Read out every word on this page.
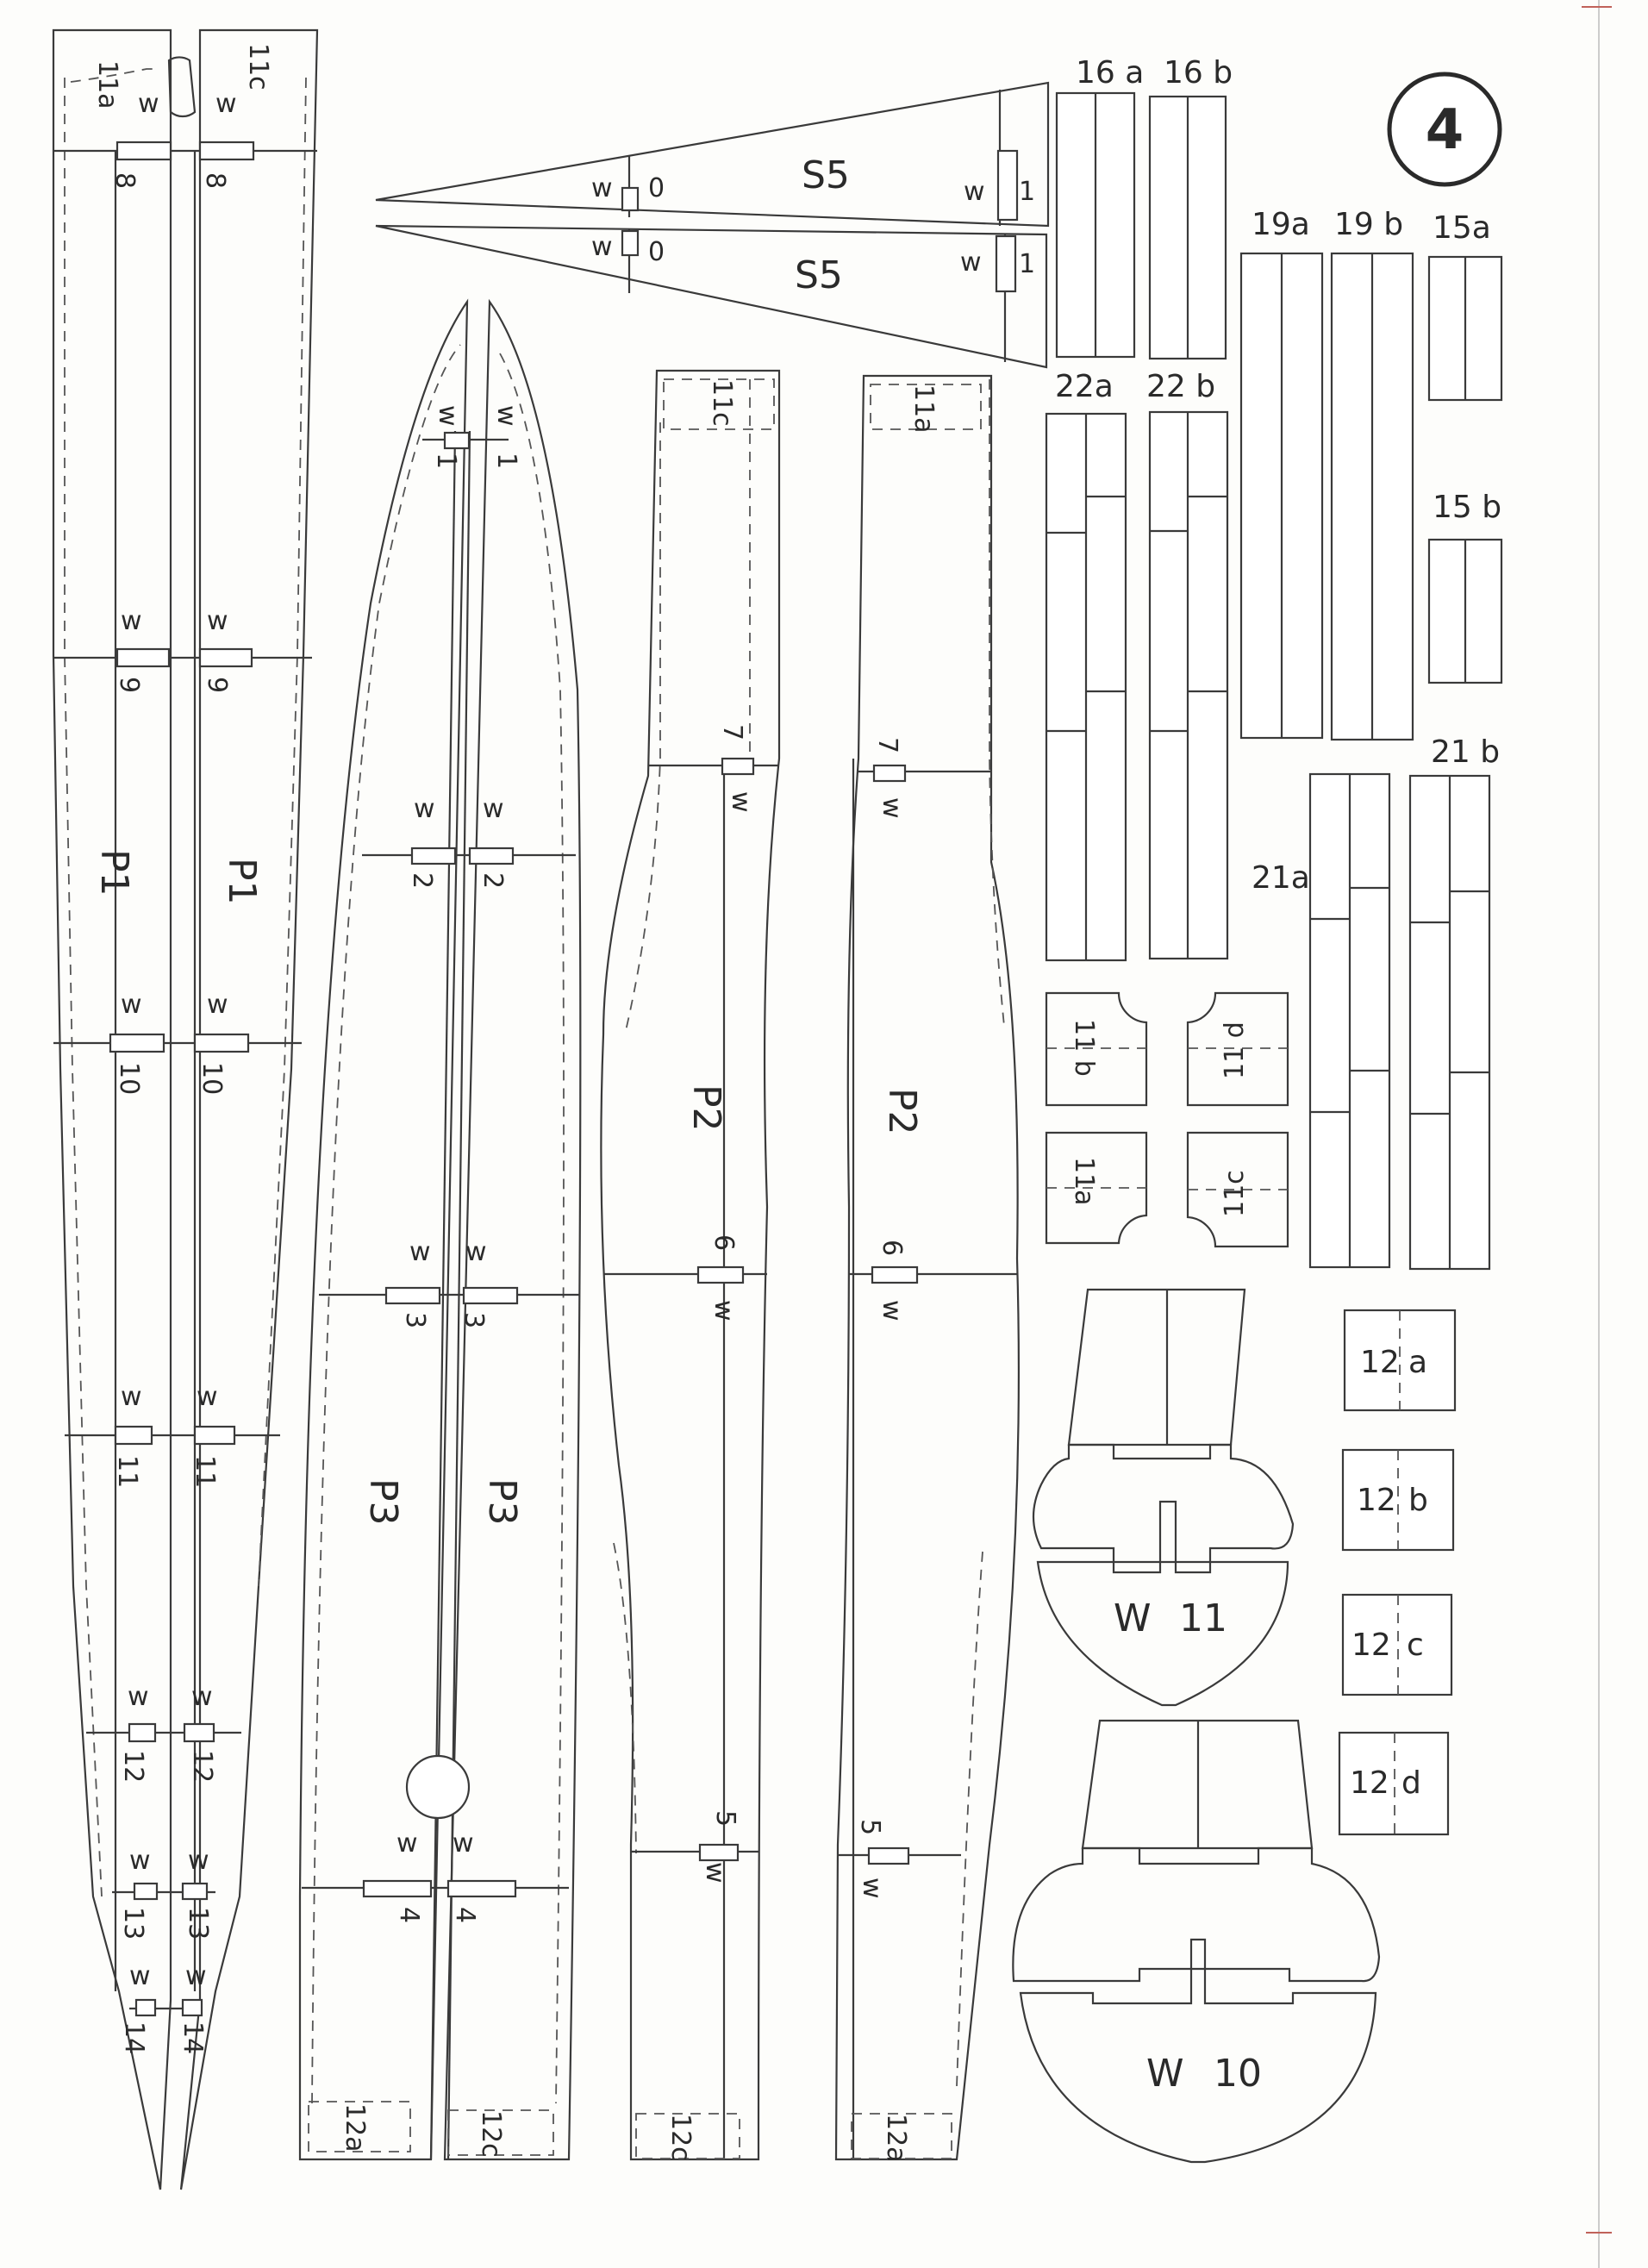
11a	11c
w w
8 8
w	w
9 9
P1 P1
w	w
10 10
w w
11 11
w w
12 12
w w
13 13
w w
14 14
w w
1 1
w w
2 2
w w
3 3
P3 P3
w w
4 4
12a	12c
7
7
w	w
P2	P2
6	6
w	w
5
5
w
w
11c	11a
12c	12a
w 0	S5	w 1
w 0
S5	w 1
4
16 a 16 b
19a 19 b 15a
15 b
22a 22 b
21a
21 b
11 b	11 d
11a	11c
12 a
12 b
12 c
12 d
W 11
W 10
